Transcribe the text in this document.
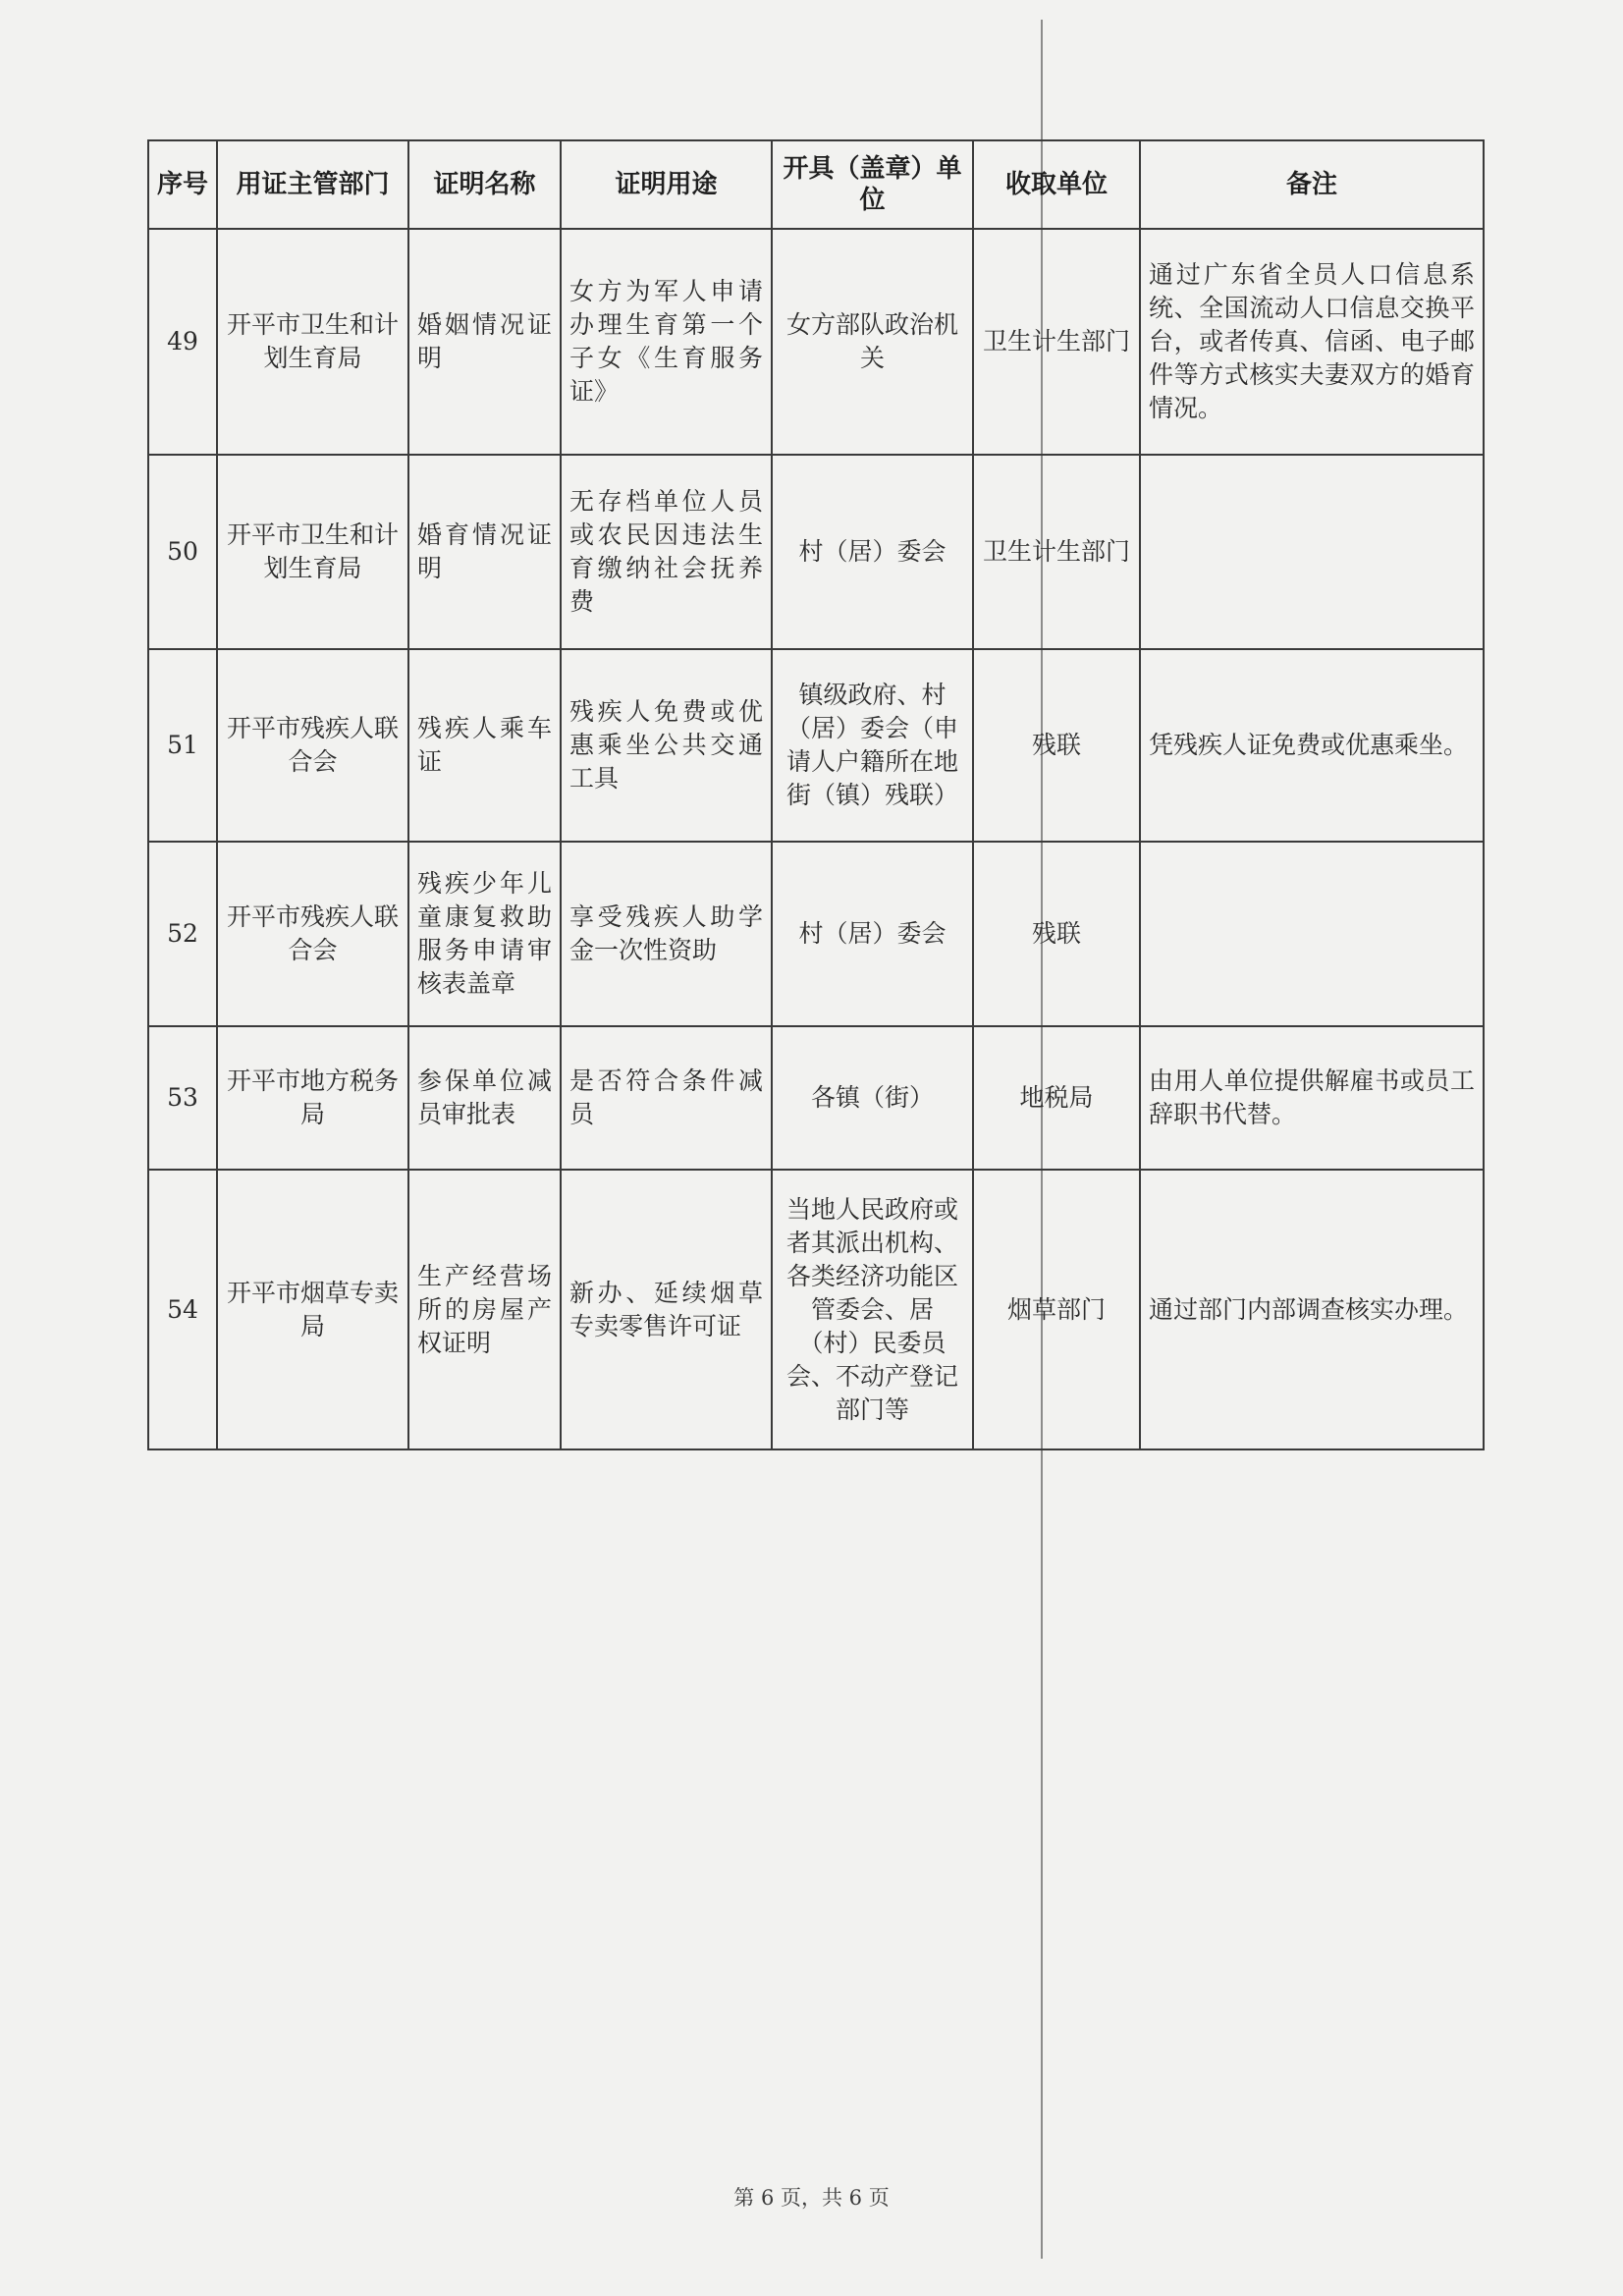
序号	用证主管部门	证明名称	证明用途	开具（盖章）单位	收取单位	备注
49	开平市卫生和计划生育局	婚姻情况证明	女方为军人申请办理生育第一个子女《生育服务证》	女方部队政治机关	卫生计生部门	通过广东省全员人口信息系统、全国流动人口信息交换平台，或者传真、信函、电子邮件等方式核实夫妻双方的婚育情况。
50	开平市卫生和计划生育局	婚育情况证明	无存档单位人员或农民因违法生育缴纳社会抚养费	村（居）委会	卫生计生部门	
51	开平市残疾人联合会	残疾人乘车证	残疾人免费或优惠乘坐公共交通工具	镇级政府、村（居）委会（申请人户籍所在地街（镇）残联）	残联	凭残疾人证免费或优惠乘坐。
52	开平市残疾人联合会	残疾少年儿童康复救助服务申请审核表盖章	享受残疾人助学金一次性资助	村（居）委会	残联	
53	开平市地方税务局	参保单位减员审批表	是否符合条件减员	各镇（街）	地税局	由用人单位提供解雇书或员工辞职书代替。
54	开平市烟草专卖局	生产经营场所的房屋产权证明	新办、延续烟草专卖零售许可证	当地人民政府或者其派出机构、各类经济功能区管委会、居（村）民委员会、不动产登记部门等	烟草部门	通过部门内部调查核实办理。
第 6 页，共 6 页
